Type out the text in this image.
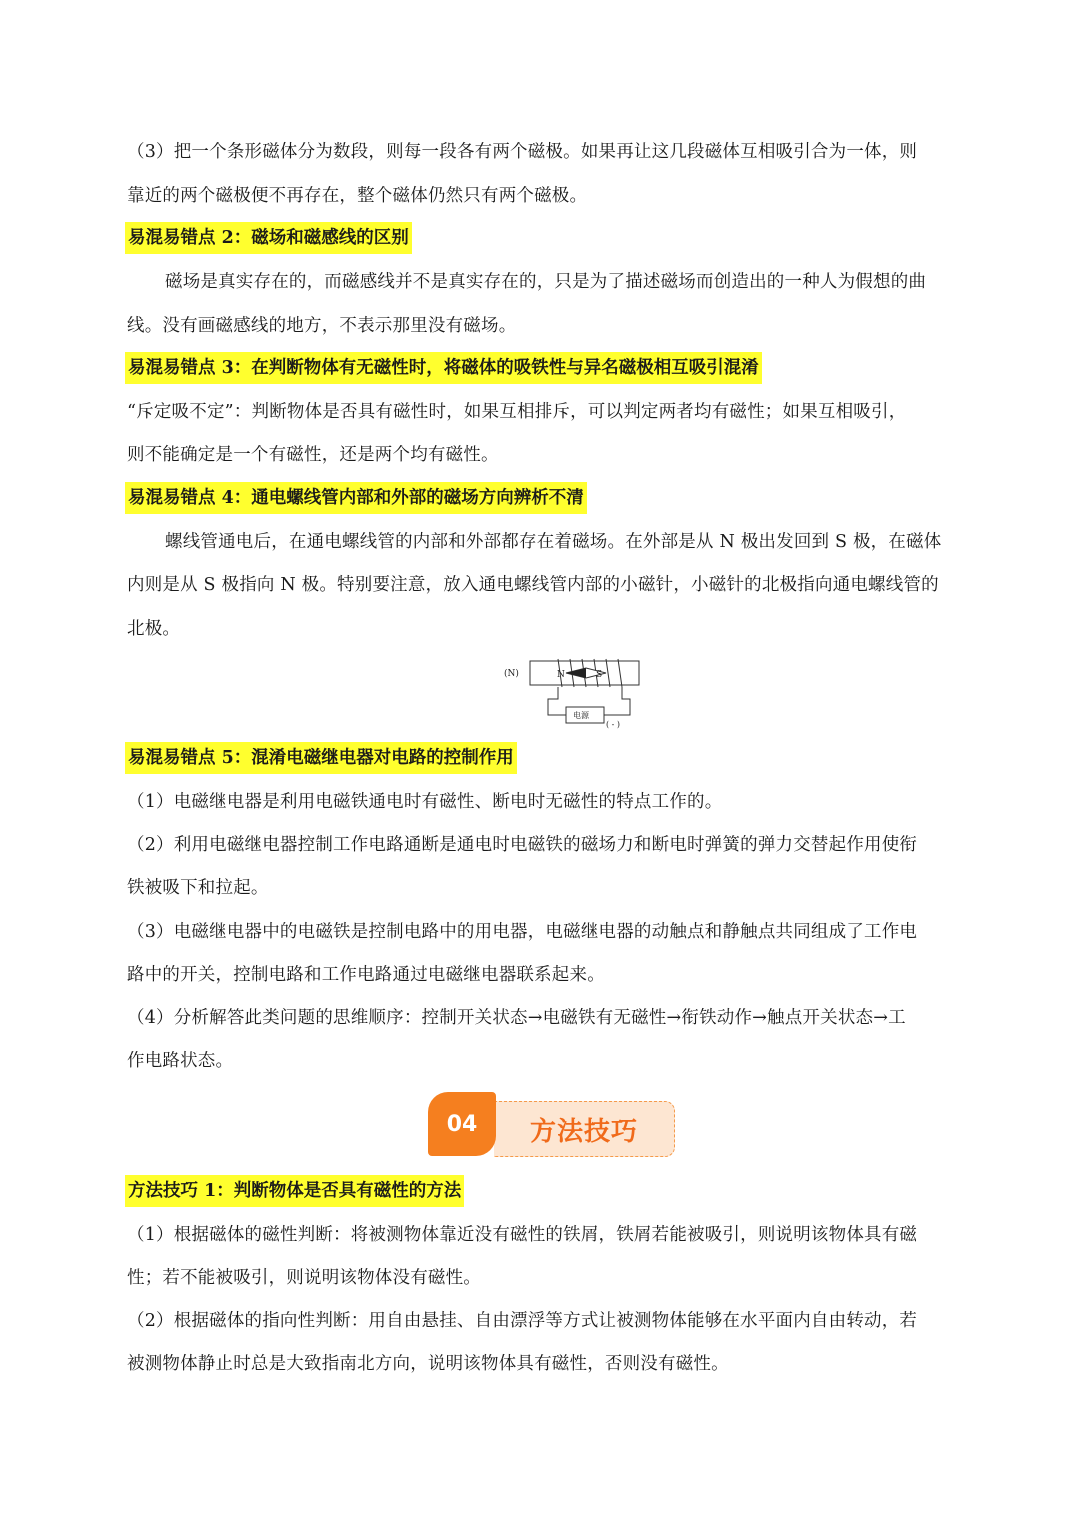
（3）把一个条形磁体分为数段，则每一段各有两个磁极。如果再让这几段磁体互相吸引合为一体，则
靠近的两个磁极便不再存在，整个磁体仍然只有两个磁极。
易混易错点 2：磁场和磁感线的区别
磁场是真实存在的，而磁感线并不是真实存在的，只是为了描述磁场而创造出的一种人为假想的曲
线。没有画磁感线的地方，不表示那里没有磁场。
易混易错点 3：在判断物体有无磁性时，将磁体的吸铁性与异名磁极相互吸引混淆
“斥定吸不定”：判断物体是否具有磁性时，如果互相排斥，可以判定两者均有磁性；如果互相吸引，
则不能确定是一个有磁性，还是两个均有磁性。
易混易错点 4：通电螺线管内部和外部的磁场方向辨析不清
螺线管通电后，在通电螺线管的内部和外部都存在着磁场。在外部是从 N 极出发回到 S 极，在磁体
内则是从 S 极指向 N 极。特别要注意，放入通电螺线管内部的小磁针，小磁针的北极指向通电螺线管的
北极。
(N)	N	S
电源
( - )
易混易错点 5：混淆电磁继电器对电路的控制作用
（1）电磁继电器是利用电磁铁通电时有磁性、断电时无磁性的特点工作的。
（2）利用电磁继电器控制工作电路通断是通电时电磁铁的磁场力和断电时弹簧的弹力交替起作用使衔
铁被吸下和拉起。
（3）电磁继电器中的电磁铁是控制电路中的用电器，电磁继电器的动触点和静触点共同组成了工作电
路中的开关，控制电路和工作电路通过电磁继电器联系起来。
（4）分析解答此类问题的思维顺序：控制开关状态→电磁铁有无磁性→衔铁动作→触点开关状态→工
作电路状态。
方法技巧
04
方法技巧 1：判断物体是否具有磁性的方法
（1）根据磁体的磁性判断：将被测物体靠近没有磁性的铁屑，铁屑若能被吸引，则说明该物体具有磁
性；若不能被吸引，则说明该物体没有磁性。
（2）根据磁体的指向性判断：用自由悬挂、自由漂浮等方式让被测物体能够在水平面内自由转动，若
被测物体静止时总是大致指南北方向，说明该物体具有磁性，否则没有磁性。
